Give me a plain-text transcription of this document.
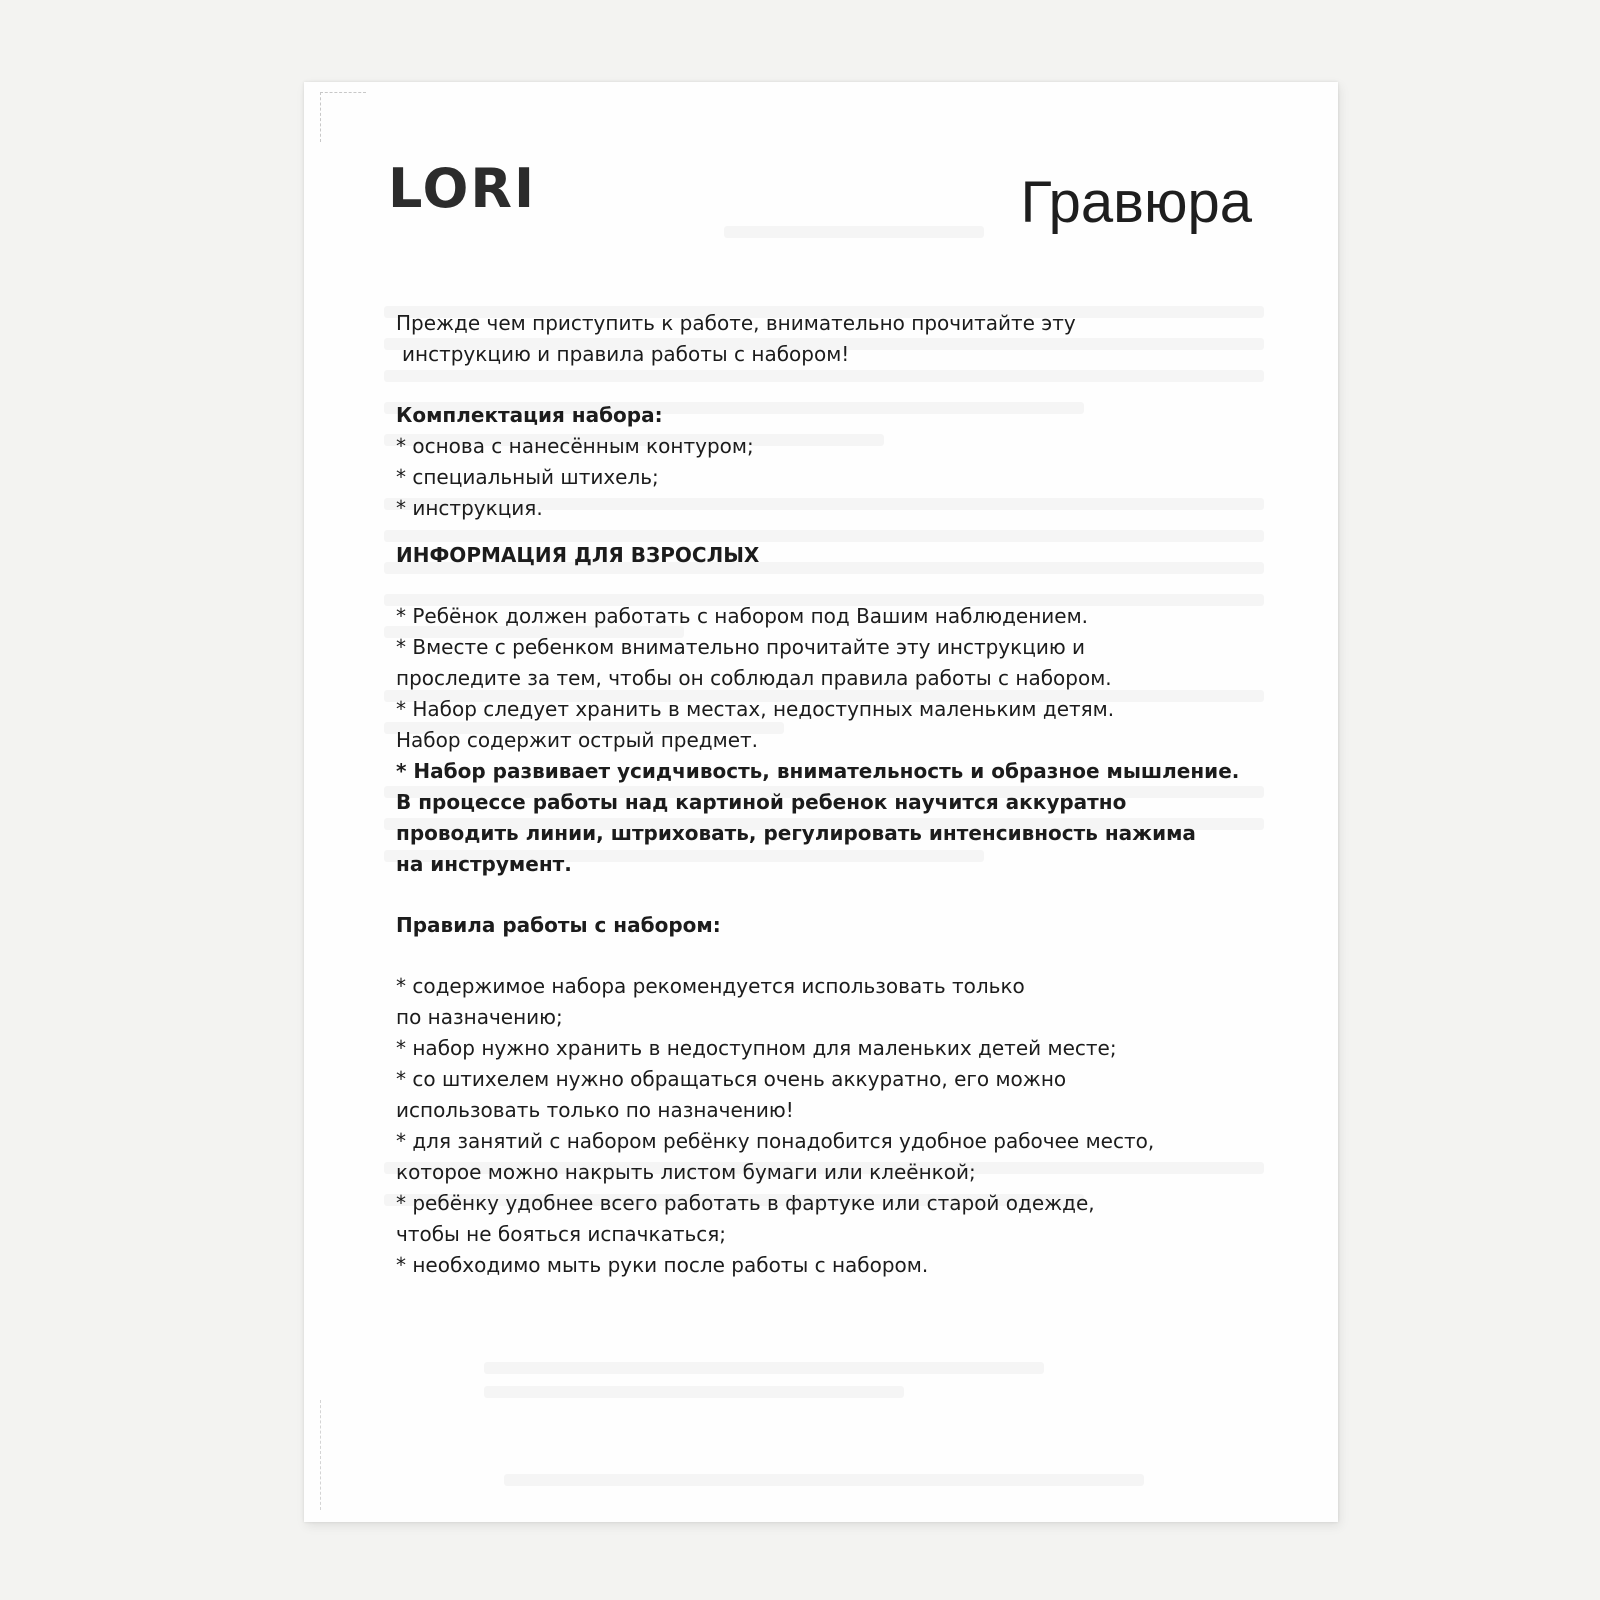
LORI	Гравюра

Прежде чем приступить к работе, внимательно прочитайте эту

инструкцию и правила работы с набором!

Комплектация набора:

* основа с нанесённым контуром;

* специальный штихель;

* инструкция.

ИНФОРМАЦИЯ ДЛЯ ВЗРОСЛЫХ

* Ребёнок должен работать с набором под Вашим наблюдением.

* Вместе с ребенком внимательно прочитайте эту инструкцию и

проследите за тем, чтобы он соблюдал правила работы с набором.

* Набор следует хранить в местах, недоступных маленьким детям.

Набор содержит острый предмет.

* Набор развивает усидчивость, внимательность и образное мышление.

В процессе работы над картиной ребенок научится аккуратно

проводить линии, штриховать, регулировать интенсивность нажима

на инструмент.

Правила работы с набором:

* содержимое набора рекомендуется использовать только

по назначению;

* набор нужно хранить в недоступном для маленьких детей месте;

* со штихелем нужно обращаться очень аккуратно, его можно

использовать только по назначению!

* для занятий с набором ребёнку понадобится удобное рабочее место,

которое можно накрыть листом бумаги или клеёнкой;

* ребёнку удобнее всего работать в фартуке или старой одежде,

чтобы не бояться испачкаться;

* необходимо мыть руки после работы с набором.
